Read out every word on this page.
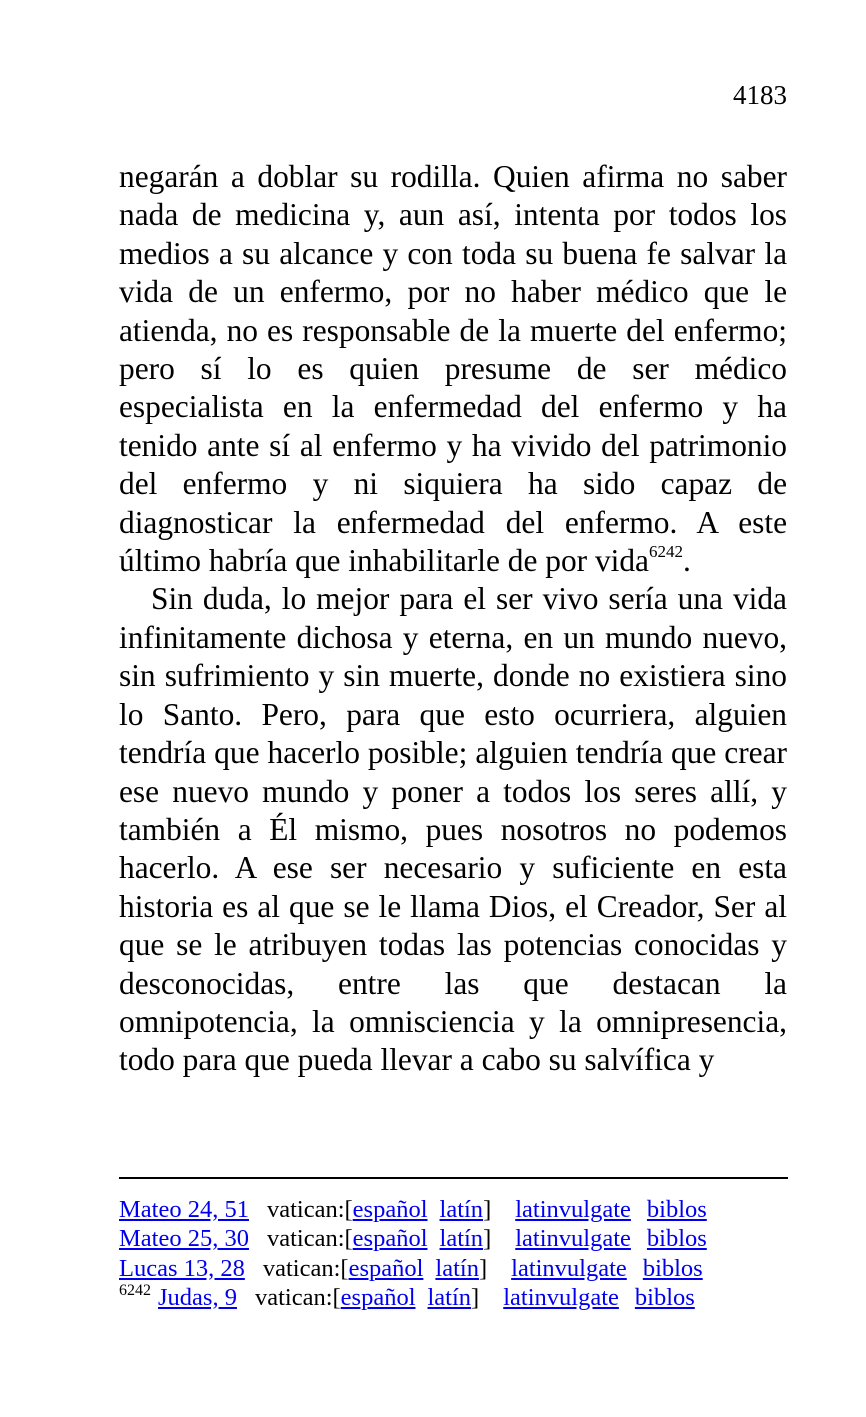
4183

negarán a doblar su rodilla. Quien afirma no saber nada de medicina y, aun así, intenta por todos los medios a su alcance y con toda su buena fe salvar la vida de un enfermo, por no haber médico que le atienda, no es responsable de la muerte del enfermo; pero sí lo es quien presume de ser médico especialista en la enfermedad del enfermo y ha tenido ante sí al enfermo y ha vivido del patrimonio del enfermo y ni siquiera ha sido capaz de diagnosticar la enfermedad del enfermo. A este último habría que inhabilitarle de por vida$^{6242}$.

Sin duda, lo mejor para el ser vivo sería una vida infinitamente dichosa y eterna, en un mundo nuevo, sin sufrimiento y sin muerte, donde no existiera sino lo Santo. Pero, para que esto ocurriera, alguien tendría que hacerlo posible; alguien tendría que crear ese nuevo mundo y poner a todos los seres allí, y también a Él mismo, pues nosotros no podemos hacerlo. A ese ser necesario y suficiente en esta historia es al que se le llama Dios, el Creador, Ser al que se le atribuyen todas las potencias conocidas y desconocidas, entre las que destacan la omnipotencia, la omnisciencia y la omnipresencia, todo para que pueda llevar a cabo su salvífica y

Mateo 24, 51 vatican:[español latín] latinvulgate biblos
Mateo 25, 30 vatican:[español latín] latinvulgate biblos
Lucas 13, 28 vatican:[español latín] latinvulgate biblos
$^{6242}$ Judas, 9 vatican:[español latín] latinvulgate biblos
